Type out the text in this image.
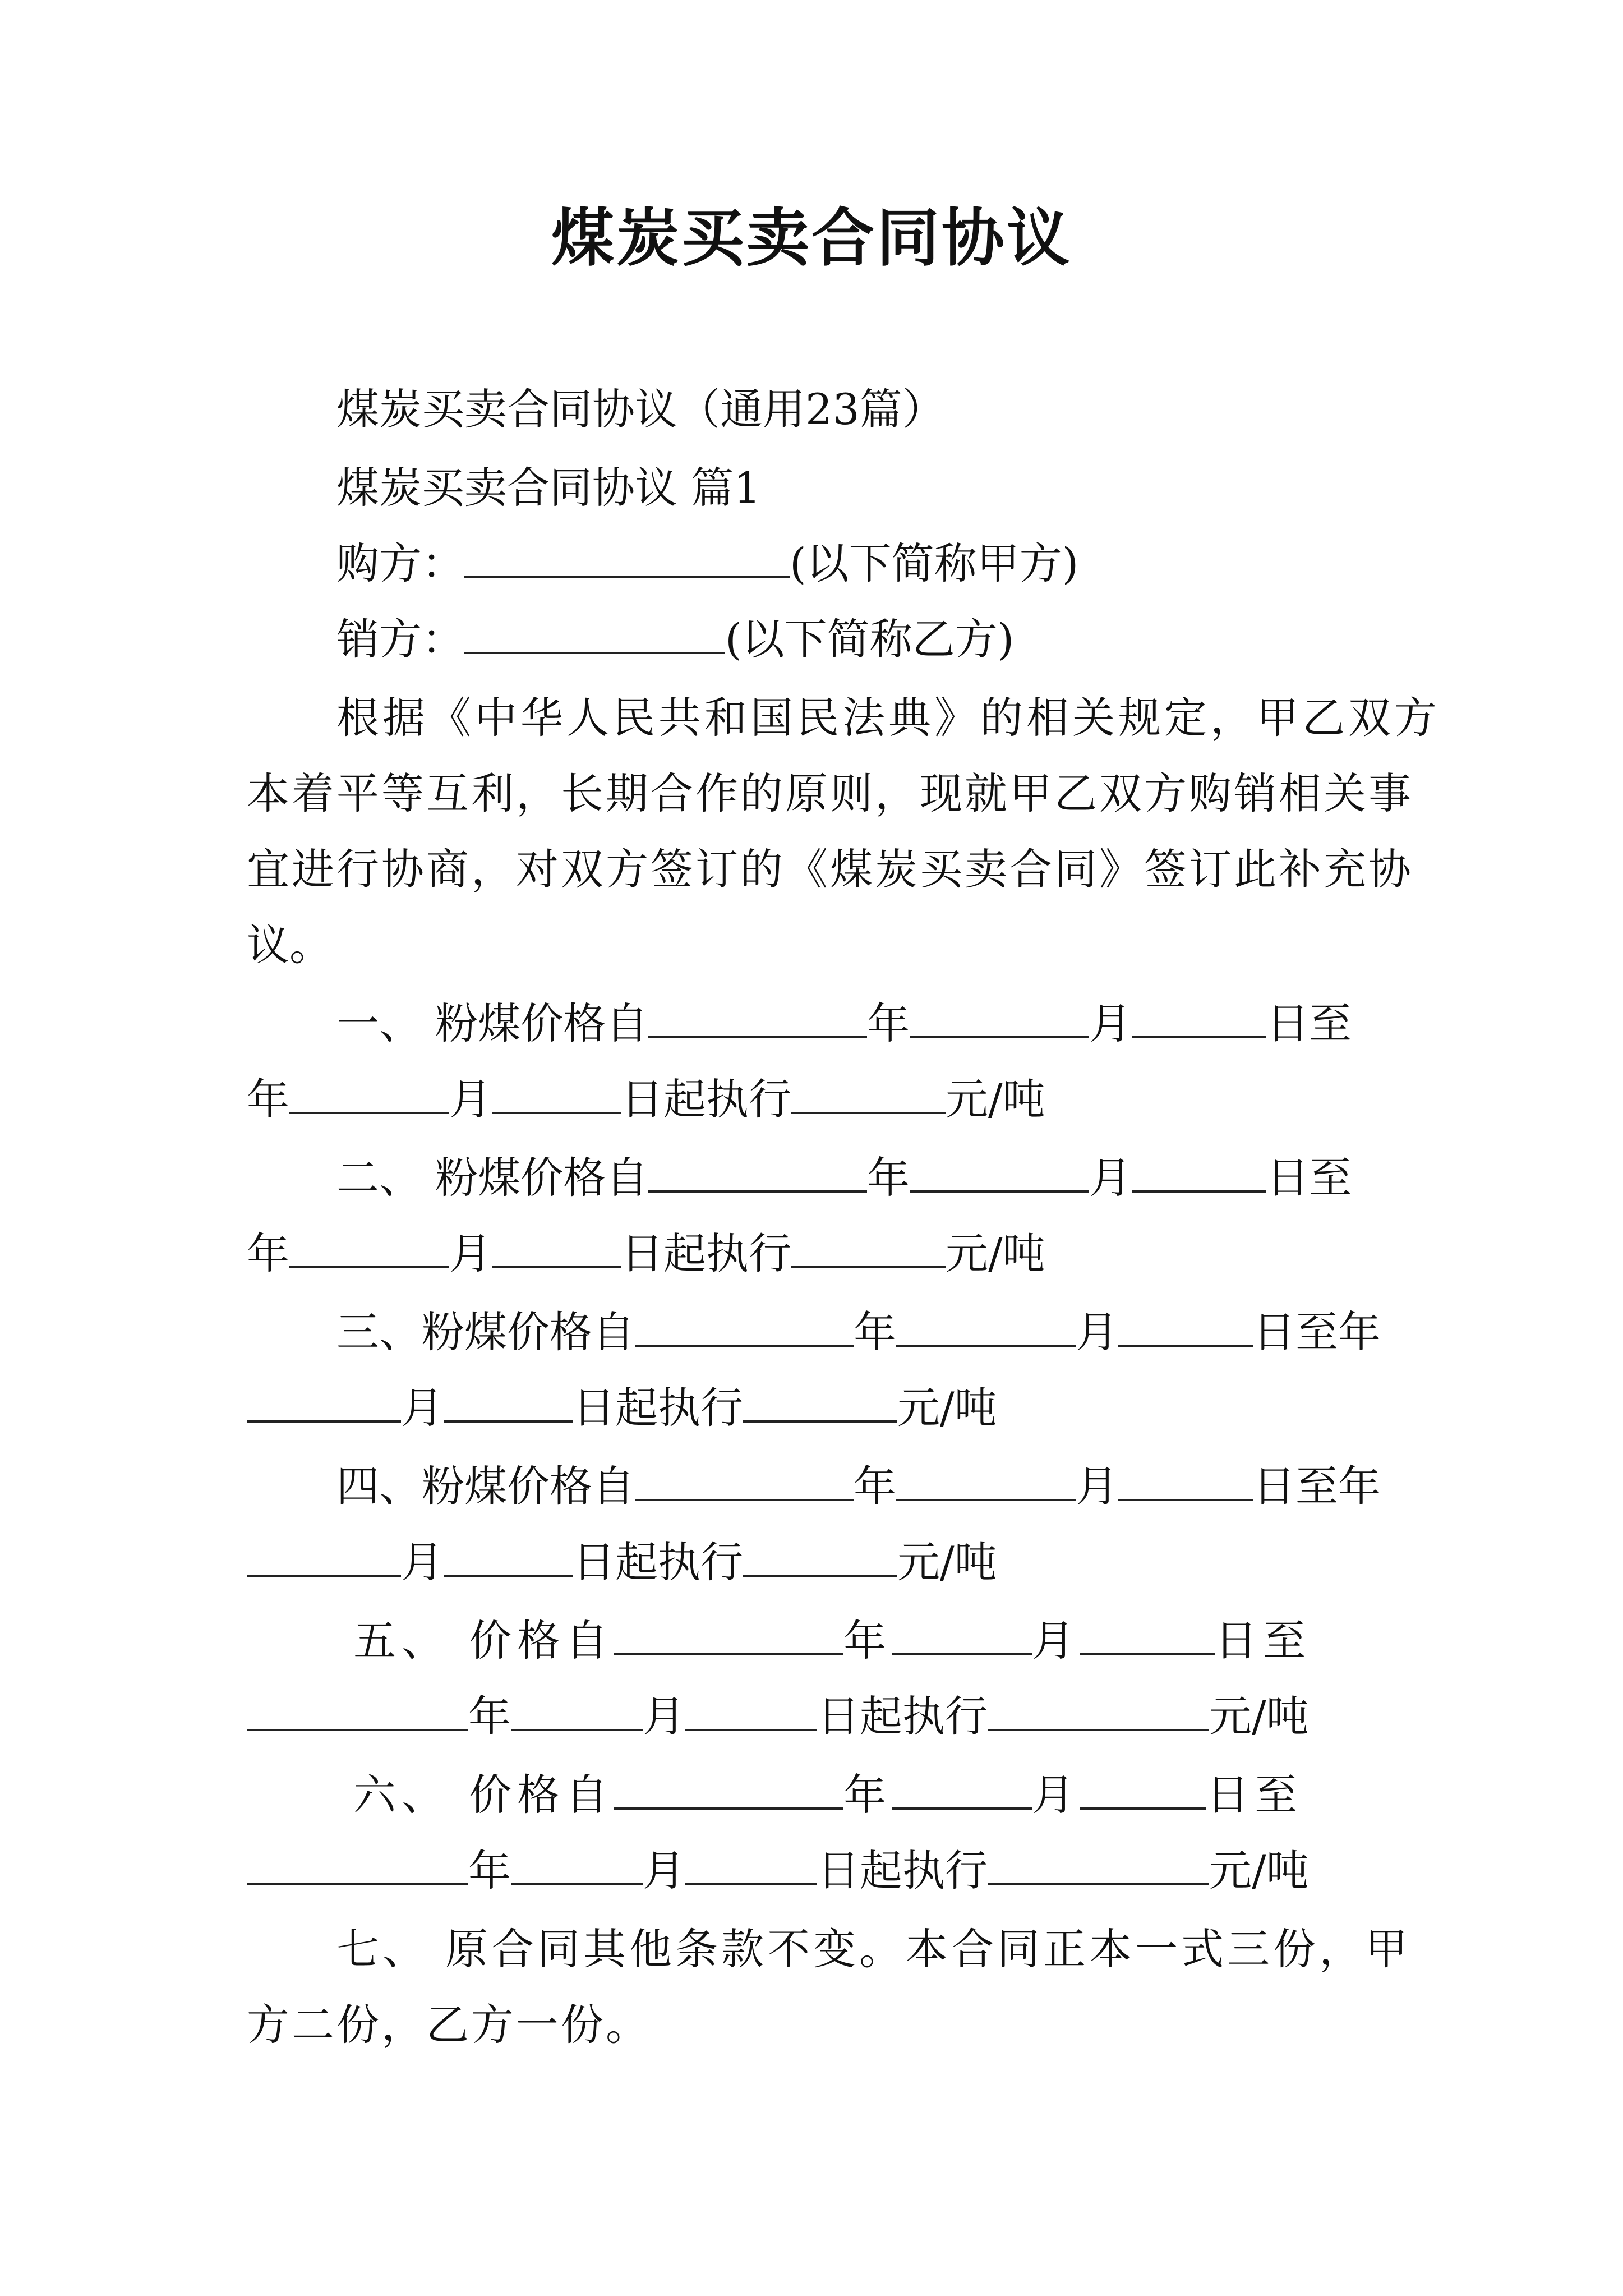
煤炭买卖合同协议
煤炭买卖合同协议（通用23篇）
煤炭买卖合同协议 篇1
购方：	(以下简称甲方)
销方：	(以下简称乙方)
根据《中华人民共和国民法典》的相关规定，甲乙双方
本着平等互利，长期合作的原则，现就甲乙双方购销相关事
宜进行协商，对双方签订的《煤炭买卖合同》签订此补充协
议。
一、 粉煤价格自	年	月	日至
年	月	日起执行	元/吨
二、 粉煤价格自	年	月	日至
年	月	日起执行	元/吨
三、粉煤价格自	年	月	日至年
月	日起执行	元/吨
四、粉煤价格自	年	月	日至年
月	日起执行	元/吨
五、 价格自	年	月	日至
年	月	日起执行	元/吨
六、 价格自	年	月	日至
年	月	日起执行	元/吨
七、 原合同其他条款不变。本合同正本一式三份，甲
方二份，乙方一份。
